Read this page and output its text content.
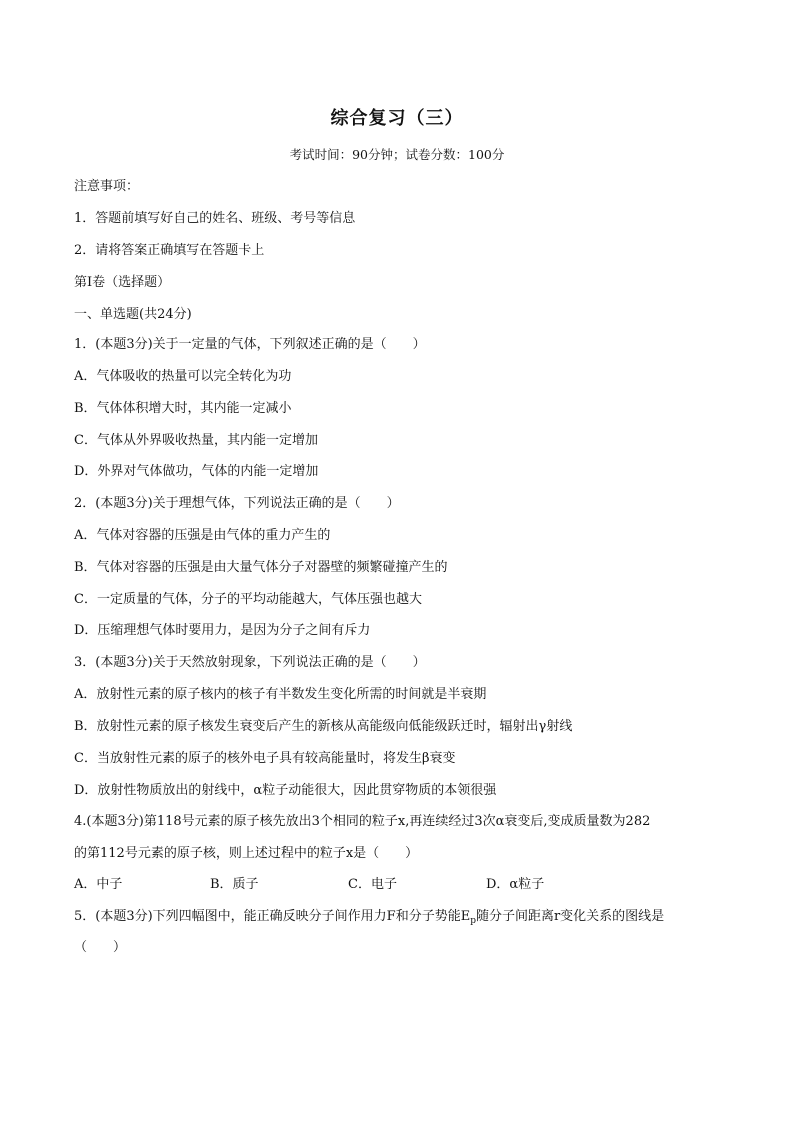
综合复习（三）
考试时间：90分钟；试卷分数：100分
注意事项：
1．答题前填写好自己的姓名、班级、考号等信息
2．请将答案正确填写在答题卡上
第I卷（选择题）
一、单选题(共24分)
1．(本题3分)关于一定量的气体，下列叙述正确的是（　　）
A．气体吸收的热量可以完全转化为功
B．气体体积增大时，其内能一定减小
C．气体从外界吸收热量，其内能一定增加
D．外界对气体做功，气体的内能一定增加
2．(本题3分)关于理想气体，下列说法正确的是（　　）
A．气体对容器的压强是由气体的重力产生的
B．气体对容器的压强是由大量气体分子对器壁的频繁碰撞产生的
C．一定质量的气体，分子的平均动能越大，气体压强也越大
D．压缩理想气体时要用力，是因为分子之间有斥力
3．(本题3分)关于天然放射现象，下列说法正确的是（　　）
A．放射性元素的原子核内的核子有半数发生变化所需的时间就是半衰期
B．放射性元素的原子核发生衰变后产生的新核从高能级向低能级跃迁时，辐射出γ射线
C．当放射性元素的原子的核外电子具有较高能量时，将发生β衰变
D．放射性物质放出的射线中，α粒子动能很大，因此贯穿物质的本领很强
4.(本题3分)第118号元素的原子核先放出3个相同的粒子x,再连续经过3次α衰变后,变成质量数为282
的第112号元素的原子核，则上述过程中的粒子x是（　　）
A．中子	B．质子	C．电子	D．α粒子
5．(本题3分)下列四幅图中，能正确反映分子间作用力F和分子势能$E_p$随分子间距离r变化关系的图线是
（　　）
